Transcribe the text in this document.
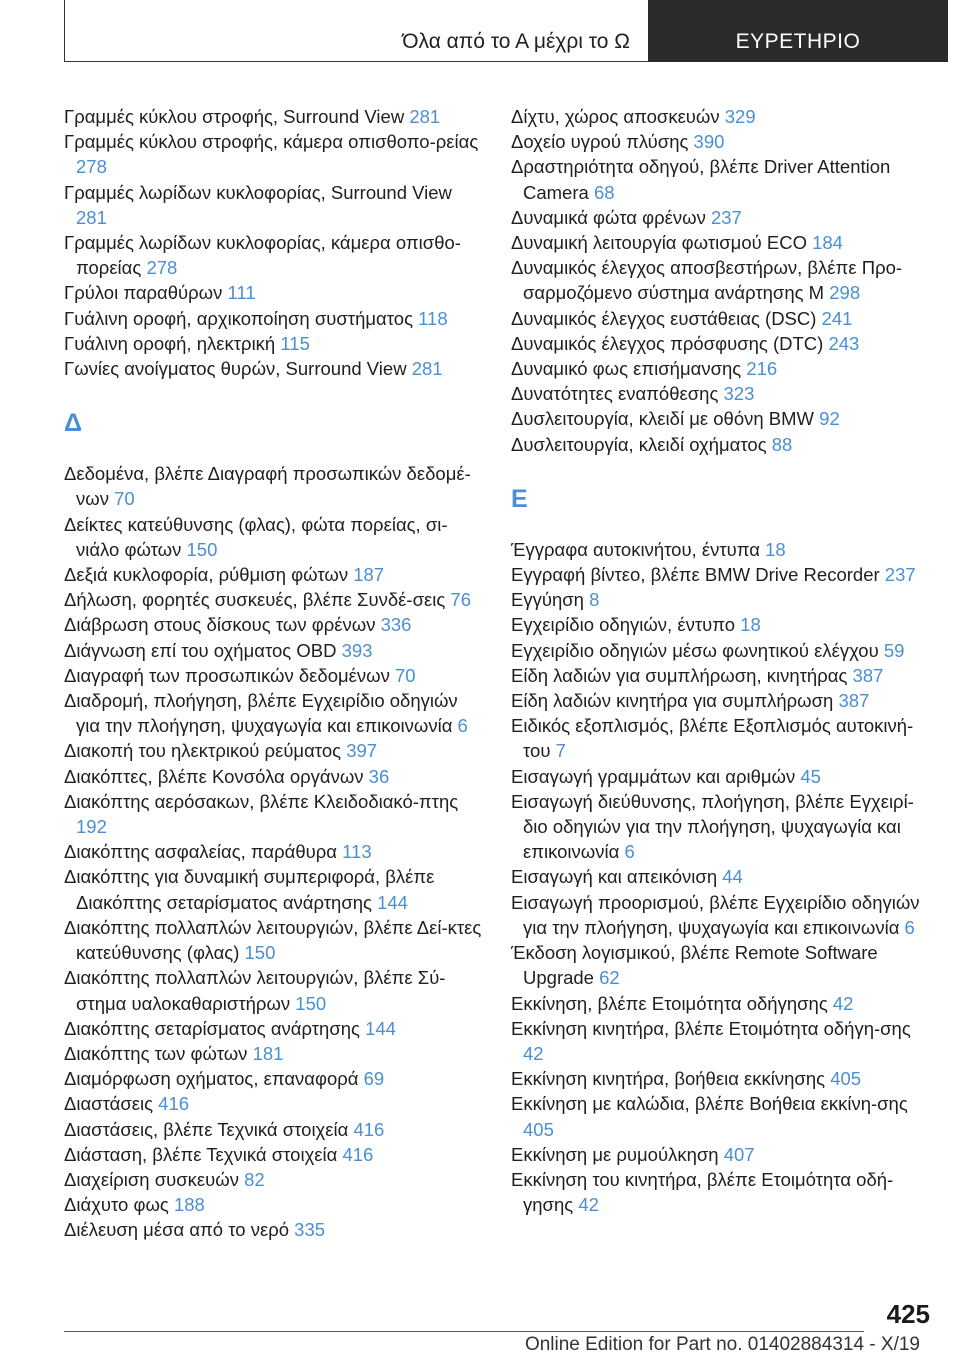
Όλα από το Α μέχρι το Ω	ΕΥΡΕΤΗΡΙΟ
Γραμμές κύκλου στροφής, Surround View 281
Γραμμές κύκλου στροφής, κάμερα οπισθοπο-ρείας 278
Γραμμές λωρίδων κυκλοφορίας, Surround View 281
Γραμμές λωρίδων κυκλοφορίας, κάμερα οπισθο-πορείας 278
Γρύλοι παραθύρων 111
Γυάλινη οροφή, αρχικοποίηση συστήματος 118
Γυάλινη οροφή, ηλεκτρική 115
Γωνίες ανοίγματος θυρών, Surround View 281
Δ
Δεδομένα, βλέπε Διαγραφή προσωπικών δεδομέ-νων 70
Δείκτες κατεύθυνσης (φλας), φώτα πορείας, σι-νιάλο φώτων 150
Δεξιά κυκλοφορία, ρύθμιση φώτων 187
Δήλωση, φορητές συσκευές, βλέπε Συνδέ-σεις 76
Διάβρωση στους δίσκους των φρένων 336
Διάγνωση επί του οχήματος OBD 393
Διαγραφή των προσωπικών δεδομένων 70
Διαδρομή, πλοήγηση, βλέπε Εγχειρίδιο οδηγιών για την πλοήγηση, ψυχαγωγία και επικοινωνία 6
Διακοπή του ηλεκτρικού ρεύματος 397
Διακόπτες, βλέπε Κονσόλα οργάνων 36
Διακόπτης αερόσακων, βλέπε Κλειδοδιακό-πτης 192
Διακόπτης ασφαλείας, παράθυρα 113
Διακόπτης για δυναμική συμπεριφορά, βλέπε Διακόπτης σεταρίσματος ανάρτησης 144
Διακόπτης πολλαπλών λειτουργιών, βλέπε Δεί-κτες κατεύθυνσης (φλας) 150
Διακόπτης πολλαπλών λειτουργιών, βλέπε Σύ-στημα υαλοκαθαριστήρων 150
Διακόπτης σεταρίσματος ανάρτησης 144
Διακόπτης των φώτων 181
Διαμόρφωση οχήματος, επαναφορά 69
Διαστάσεις 416
Διαστάσεις, βλέπε Τεχνικά στοιχεία 416
Διάσταση, βλέπε Τεχνικά στοιχεία 416
Διαχείριση συσκευών 82
Διάχυτο φως 188
Διέλευση μέσα από το νερό 335
Δίχτυ, χώρος αποσκευών 329
Δοχείο υγρού πλύσης 390
Δραστηριότητα οδηγού, βλέπε Driver Attention Camera 68
Δυναμικά φώτα φρένων 237
Δυναμική λειτουργία φωτισμού ECO 184
Δυναμικός έλεγχος αποσβεστήρων, βλέπε Προ-σαρμοζόμενο σύστημα ανάρτησης Μ 298
Δυναμικός έλεγχος ευστάθειας (DSC) 241
Δυναμικός έλεγχος πρόσφυσης (DTC) 243
Δυναμικό φως επισήμανσης 216
Δυνατότητες εναπόθεσης 323
Δυσλειτουργία, κλειδί με οθόνη BMW 92
Δυσλειτουργία, κλειδί οχήματος 88
Ε
Έγγραφα αυτοκινήτου, έντυπα 18
Εγγραφή βίντεο, βλέπε BMW Drive Recorder 237
Εγγύηση 8
Εγχειρίδιο οδηγιών, έντυπο 18
Εγχειρίδιο οδηγιών μέσω φωνητικού ελέγχου 59
Είδη λαδιών για συμπλήρωση, κινητήρας 387
Είδη λαδιών κινητήρα για συμπλήρωση 387
Ειδικός εξοπλισμός, βλέπε Εξοπλισμός αυτοκινή-του 7
Εισαγωγή γραμμάτων και αριθμών 45
Εισαγωγή διεύθυνσης, πλοήγηση, βλέπε Εγχειρί-διο οδηγιών για την πλοήγηση, ψυχαγωγία και επικοινωνία 6
Εισαγωγή και απεικόνιση 44
Εισαγωγή προορισμού, βλέπε Εγχειρίδιο οδηγιών για την πλοήγηση, ψυχαγωγία και επικοινωνία 6
Έκδοση λογισμικού, βλέπε Remote Software Upgrade 62
Εκκίνηση, βλέπε Ετοιμότητα οδήγησης 42
Εκκίνηση κινητήρα, βλέπε Ετοιμότητα οδήγη-σης 42
Εκκίνηση κινητήρα, βοήθεια εκκίνησης 405
Εκκίνηση με καλώδια, βλέπε Βοήθεια εκκίνη-σης 405
Εκκίνηση με ρυμούλκηση 407
Εκκίνηση του κινητήρα, βλέπε Ετοιμότητα οδή-γησης 42
425
Online Edition for Part no. 01402884314 - X/19
